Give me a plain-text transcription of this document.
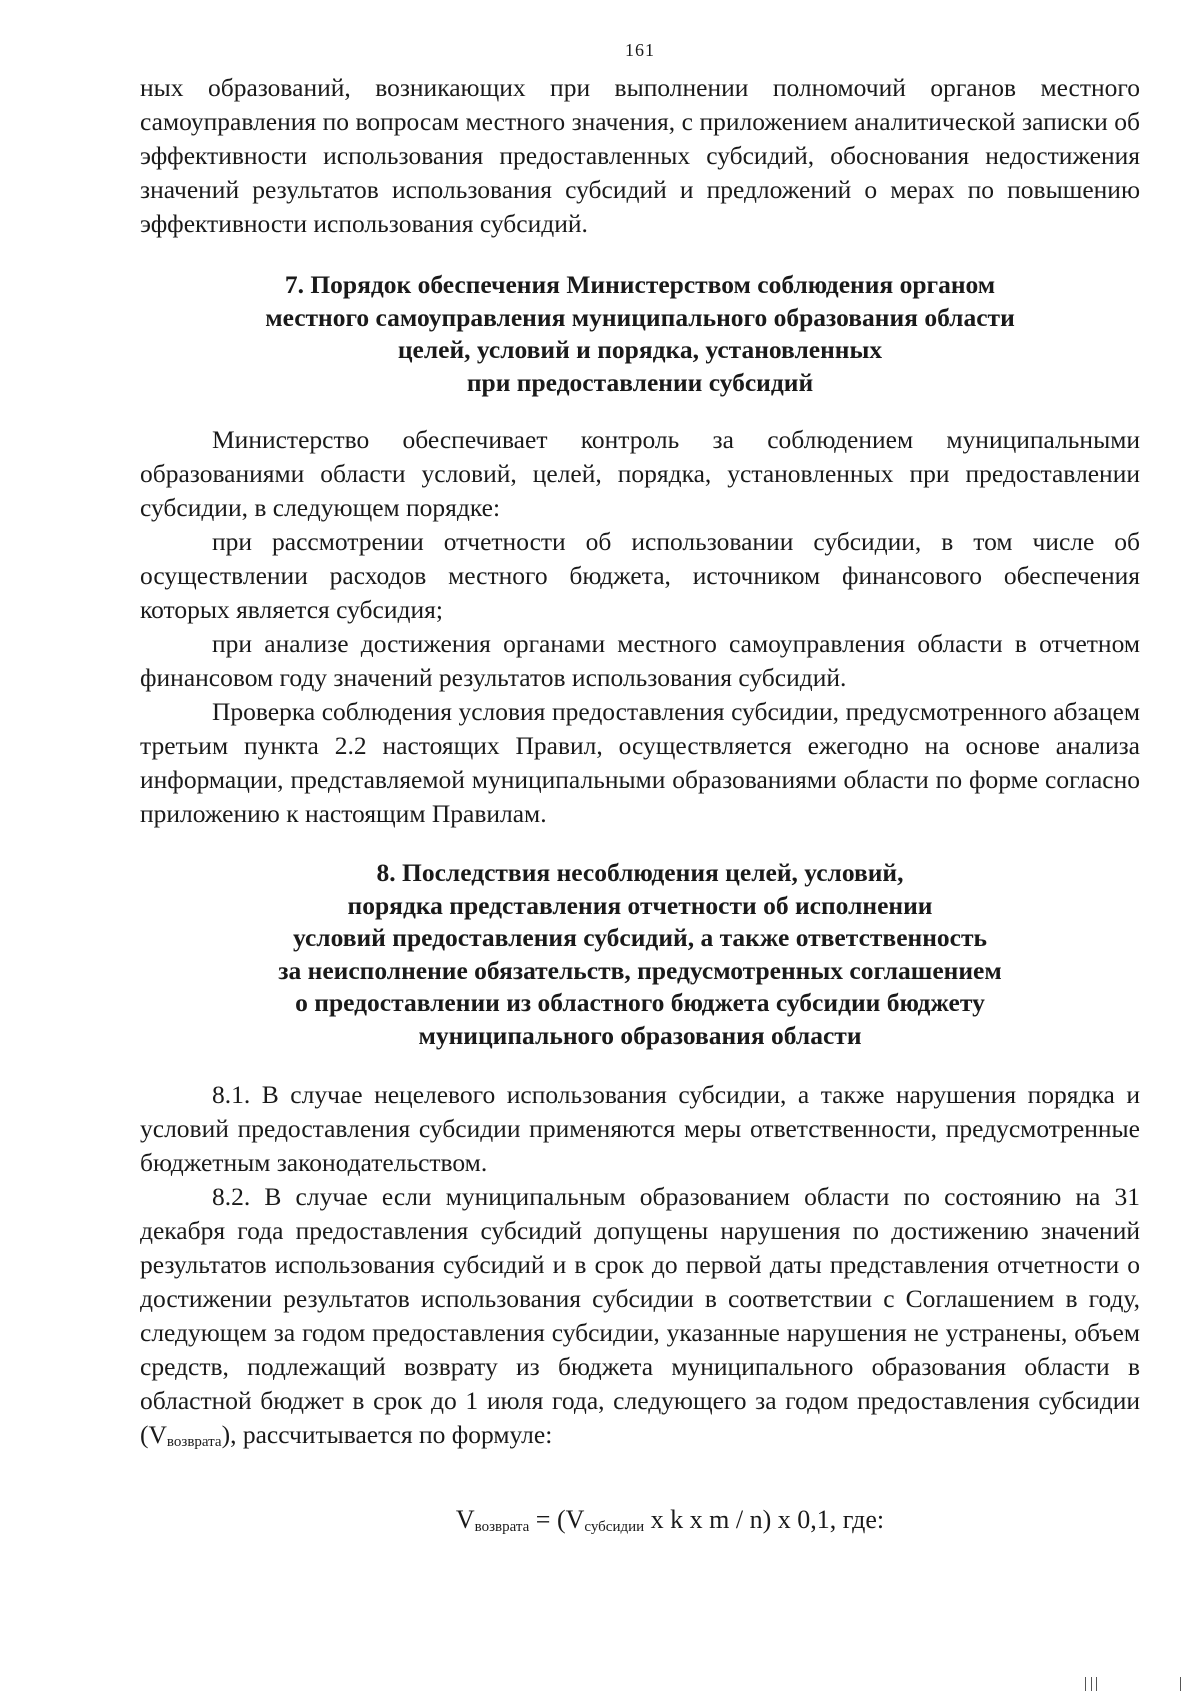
161

ных образований, возникающих при выполнении полномочий органов местного самоуправления по вопросам местного значения, с приложением аналитической записки об эффективности использования предоставленных субсидий, обоснования недостижения значений результатов использования субсидий и предложений о мерах по повышению эффективности использования субсидий.

7. Порядок обеспечения Министерством соблюдения органом
местного самоуправления муниципального образования области
целей, условий и порядка, установленных
при предоставлении субсидий

Министерство обеспечивает контроль за соблюдением муниципальными образованиями области условий, целей, порядка, установленных при предоставлении субсидии, в следующем порядке:

при рассмотрении отчетности об использовании субсидии, в том числе об осуществлении расходов местного бюджета, источником финансового обеспечения которых является субсидия;

при анализе достижения органами местного самоуправления области в отчетном финансовом году значений результатов использования субсидий.

Проверка соблюдения условия предоставления субсидии, предусмотренного абзацем третьим пункта 2.2 настоящих Правил, осуществляется ежегодно на основе анализа информации, представляемой муниципальными образованиями области по форме согласно приложению к настоящим Правилам.

8. Последствия несоблюдения целей, условий,
порядка представления отчетности об исполнении
условий предоставления субсидий, а также ответственность
за неисполнение обязательств, предусмотренных соглашением
о предоставлении из областного бюджета субсидии бюджету
муниципального образования области

8.1. В случае нецелевого использования субсидии, а также нарушения порядка и условий предоставления субсидии применяются меры ответственности, предусмотренные бюджетным законодательством.

8.2. В случае если муниципальным образованием области по состоянию на 31 декабря года предоставления субсидий допущены нарушения по достижению значений результатов использования субсидий и в срок до первой даты представления отчетности о достижении результатов использования субсидии в соответствии с Соглашением в году, следующем за годом предоставления субсидии, указанные нарушения не устранены, объем средств, подлежащий возврату из бюджета муниципального образования области в областной бюджет в срок до 1 июля года, следующего за годом предоставления субсидии $(V_{возврата})$, рассчитывается по формуле:

$V_{возврата} = (V_{субсидии}$ x k x m / n) x 0,1, где:
